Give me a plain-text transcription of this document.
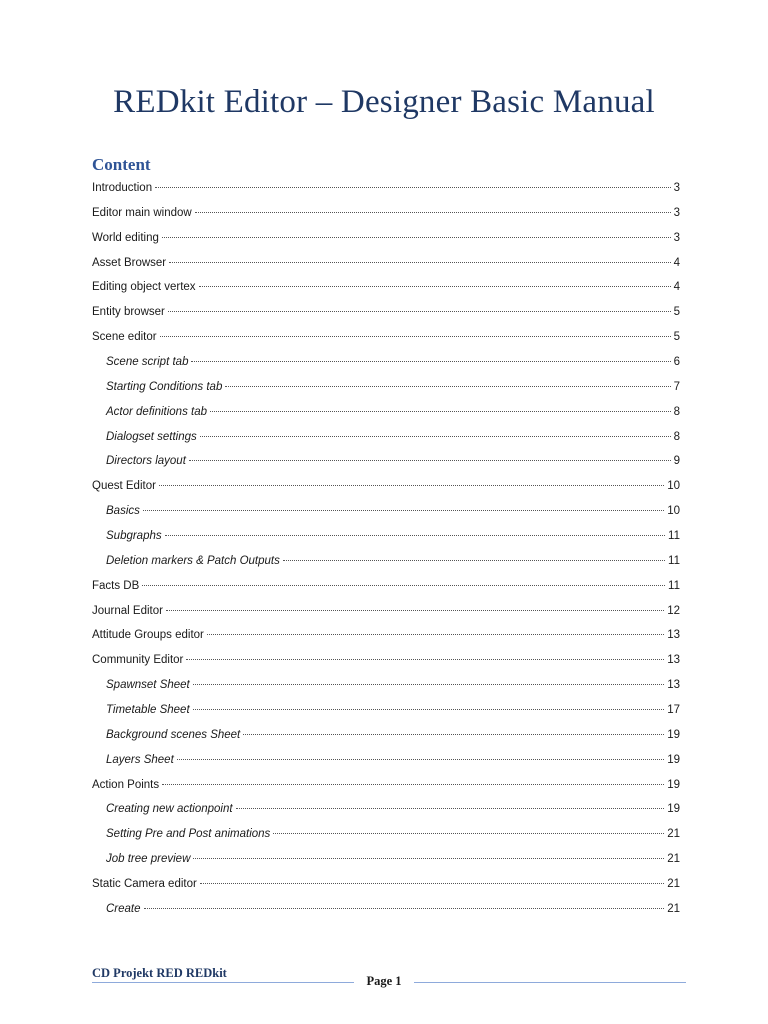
REDkit Editor – Designer Basic Manual
Content
Introduction	3
Editor main window	3
World editing	3
Asset Browser	4
Editing object vertex	4
Entity browser	5
Scene editor	5
Scene script tab	6
Starting Conditions tab	7
Actor definitions tab	8
Dialogset settings	8
Directors layout	9
Quest Editor	10
Basics	10
Subgraphs	11
Deletion markers & Patch Outputs	11
Facts DB	11
Journal Editor	12
Attitude Groups editor	13
Community Editor	13
Spawnset Sheet	13
Timetable Sheet	17
Background scenes Sheet	19
Layers Sheet	19
Action Points	19
Creating new actionpoint	19
Setting Pre and Post animations	21
Job tree preview	21
Static Camera editor	21
Create	21
CD Projekt RED REDkit
Page 1
